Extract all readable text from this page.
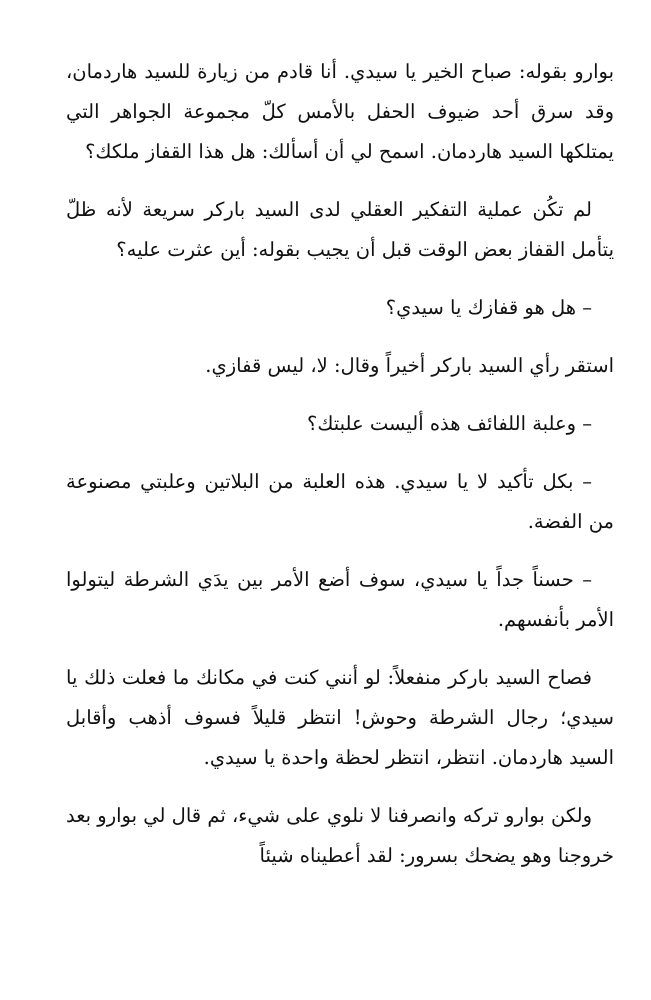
بوارو بقوله: صباح الخير يا سيدي. أنا قادم من زيارة للسيد هاردمان، وقد سرق أحد ضيوف الحفل بالأمس كلّ مجموعة الجواهر التي يمتلكها السيد هاردمان. اسمح لي أن أسألك: هل هذا القفاز ملكك؟

لم تكُن عملية التفكير العقلي لدى السيد باركر سريعة لأنه ظلّ يتأمل القفاز بعض الوقت قبل أن يجيب بقوله: أين عثرت عليه؟

– هل هو قفازك يا سيدي؟

استقر رأي السيد باركر أخيراً وقال: لا، ليس قفازي.

– وعلبة اللفائف هذه أليست علبتك؟

– بكل تأكيد لا يا سيدي. هذه العلبة من البلاتين وعلبتي مصنوعة من الفضة.

– حسناً جداً يا سيدي، سوف أضع الأمر بين يدَي الشرطة ليتولوا الأمر بأنفسهم.

فصاح السيد باركر منفعلاً: لو أنني كنت في مكانك ما فعلت ذلك يا سيدي؛ رجال الشرطة وحوش! انتظر قليلاً فسوف أذهب وأقابل السيد هاردمان. انتظر، انتظر لحظة واحدة يا سيدي.

ولكن بوارو تركه وانصرفنا لا نلوي على شيء، ثم قال لي بوارو بعد خروجنا وهو يضحك بسرور: لقد أعطيناه شيئاً
